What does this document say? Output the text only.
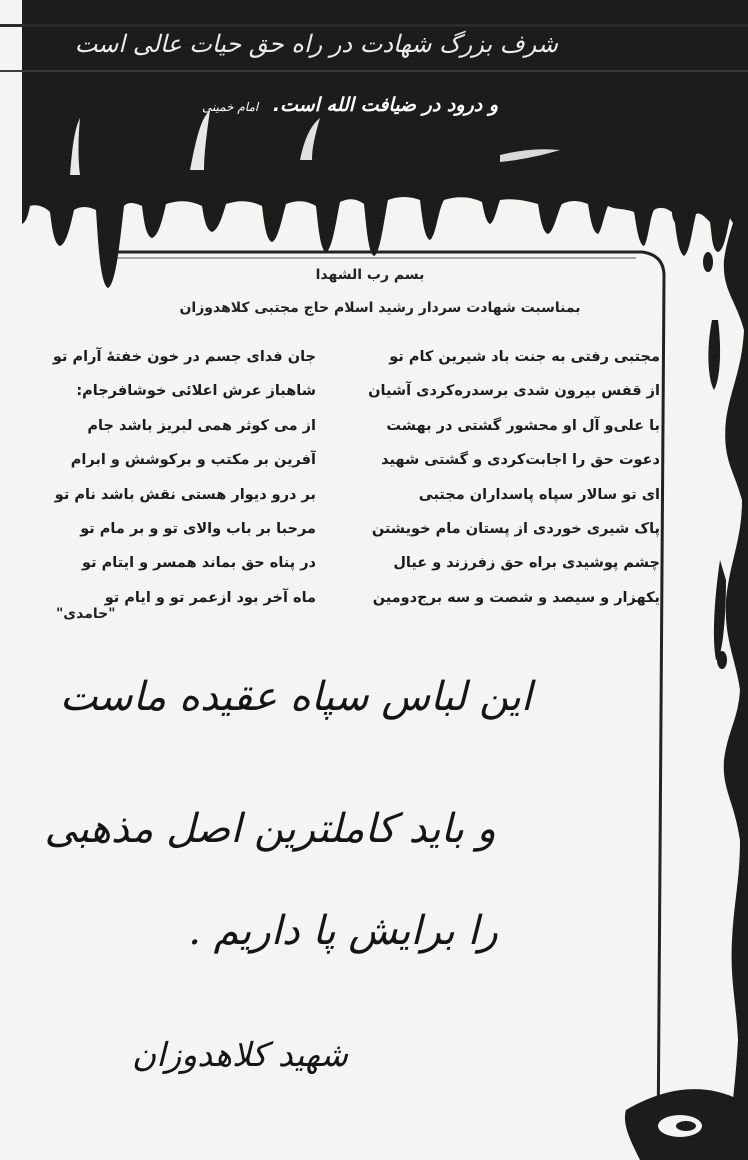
شرف بزرگ شهادت در راه حق حیات عالی است
و درود در ضیافت الله است. امام خمینی
بسم رب الشهدا
بمناسبت شهادت سردار رشید اسلام حاج مجتبی کلاهدوزان
مجتبی رفتی به جنت باد شیرین کام تو
از قفس بیرون شدی برسدره‌کردی آشیان
با علی‌و آل او محشور گشتی در بهشت
دعوت حق را اجابت‌کردی و گشتی شهید
ای تو سالار سپاه پاسداران مجتبی
پاک شیری خوردی از پستان مام خویشتن
چشم پوشیدی براه حق زفرزند و عیال
یکهزار و سیصد و شصت و سه برج‌دومین
جان فدای جسم در خون خفتهٔ آرام تو
شاهباز عرش اعلائی خوشافرجام:
از می کوثر همی لبریز باشد جام
آفرین بر مکتب و برکوشش و ابرام
بر درو دیوار هستی نقش باشد نام تو
مرحبا بر باب والای تو و بر مام تو
در پناه حق بماند همسر و ایتام تو
ماه آخر بود ازعمر تو و ایام تو
"حامدی"
این لباس سپاه عقیده ماست
و باید کاملترین اصل مذهبی
را برایش پا داریم .
شهید کلاهدوزان
